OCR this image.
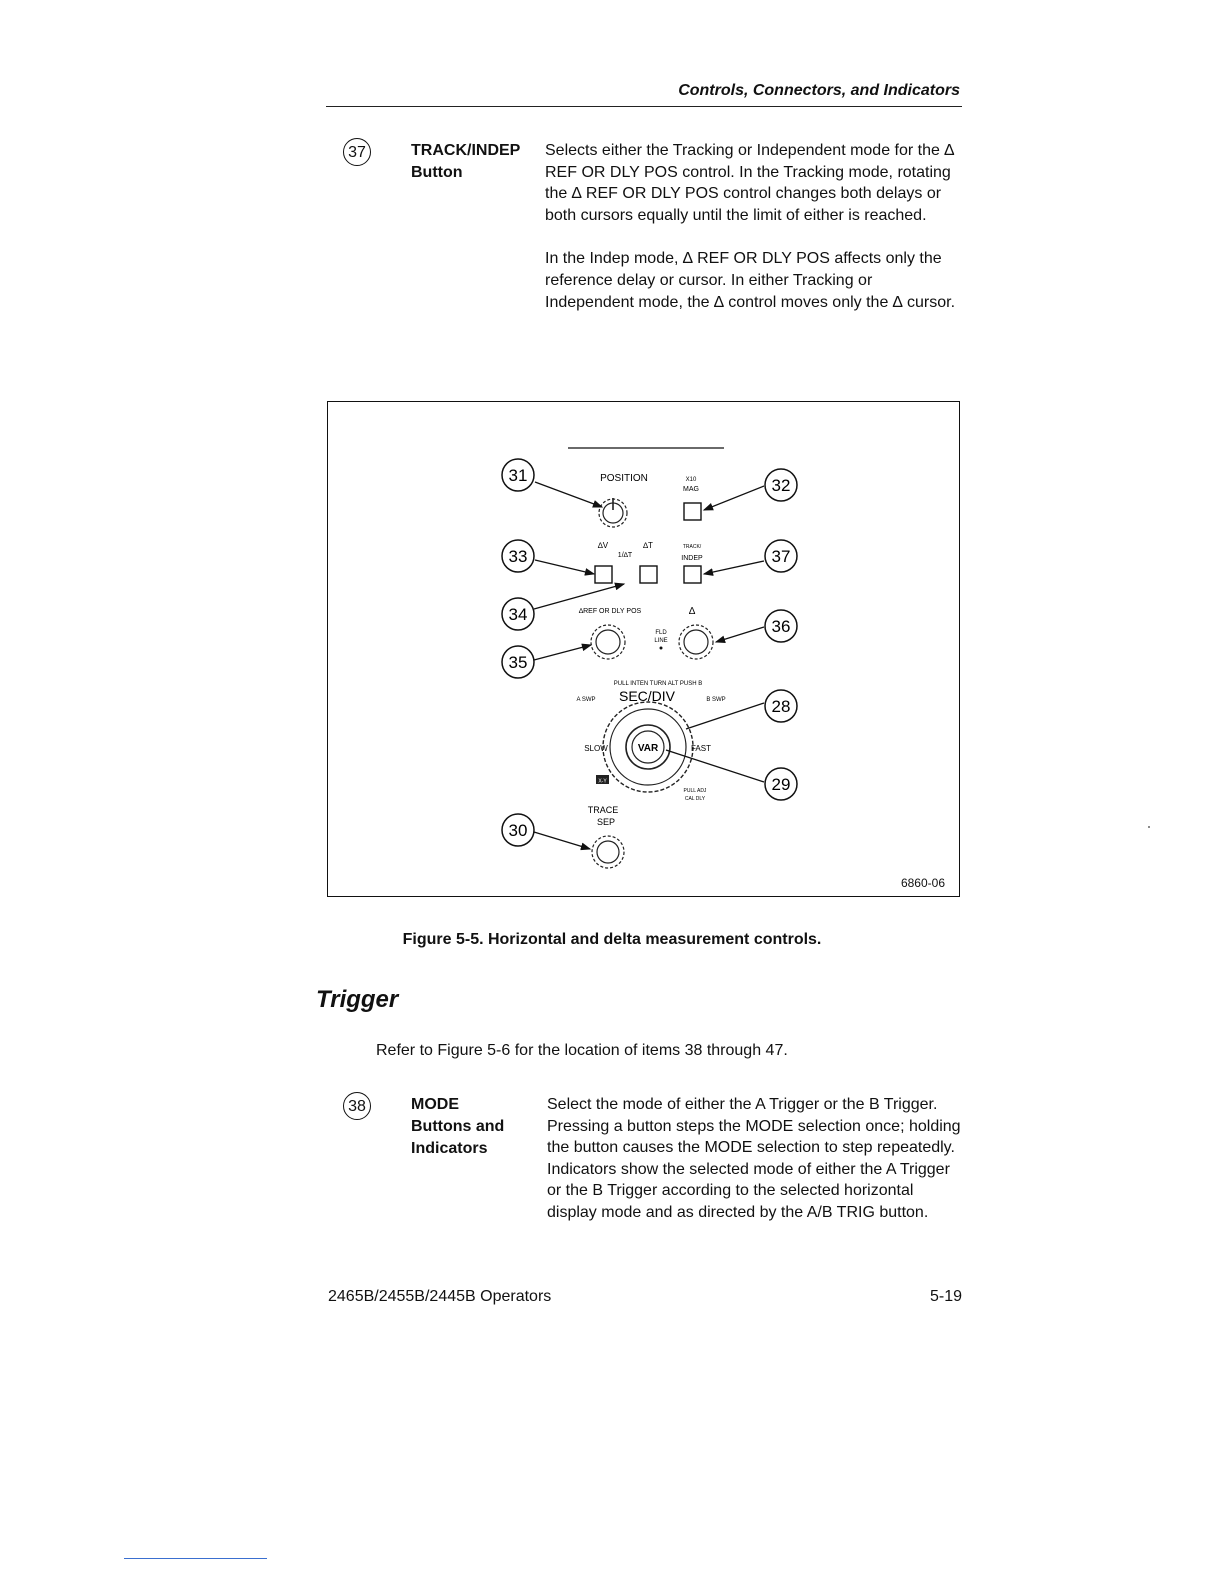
Controls, Connectors, and Indicators
37	TRACK/INDEP
Button

Selects either the Tracking or Independent mode for the ∆ REF OR DLY POS control. In the Tracking mode, rotating the ∆ REF OR DLY POS control changes both delays or both cursors equally until the limit of either is reached.

In the Indep mode, ∆ REF OR DLY POS affects only the reference delay or cursor. In either Tracking or Independent mode, the ∆ control moves only the ∆ cursor.

POSITION	X10
MAG
∆V	∆T
1/∆T
TRACK/
INDEP
∆REF OR DLY POS	∆
FLD
LINE
PULL INTEN TURN ALT PUSH B
A SWP SEC/DIV	B SWP
VAR
SLOW	FAST
X-Y
PULL ADJ
CAL DLY
TRACE
SEP
31
32
33	37
34
36
35
28
29
30
6860-06
Figure 5-5. Horizontal and delta measurement controls.
Trigger
Refer to Figure 5-6 for the location of items 38 through 47.
38	MODE
Buttons and
Indicators

Select the mode of either the A Trigger or the B Trigger. Pressing a button steps the MODE selection once; holding the button causes the MODE selection to step repeatedly. Indicators show the selected mode of either the A Trigger or the B Trigger according to the selected horizontal display mode and as directed by the A/B TRIG button.

2465B/2455B/2445B Operators	5-19
